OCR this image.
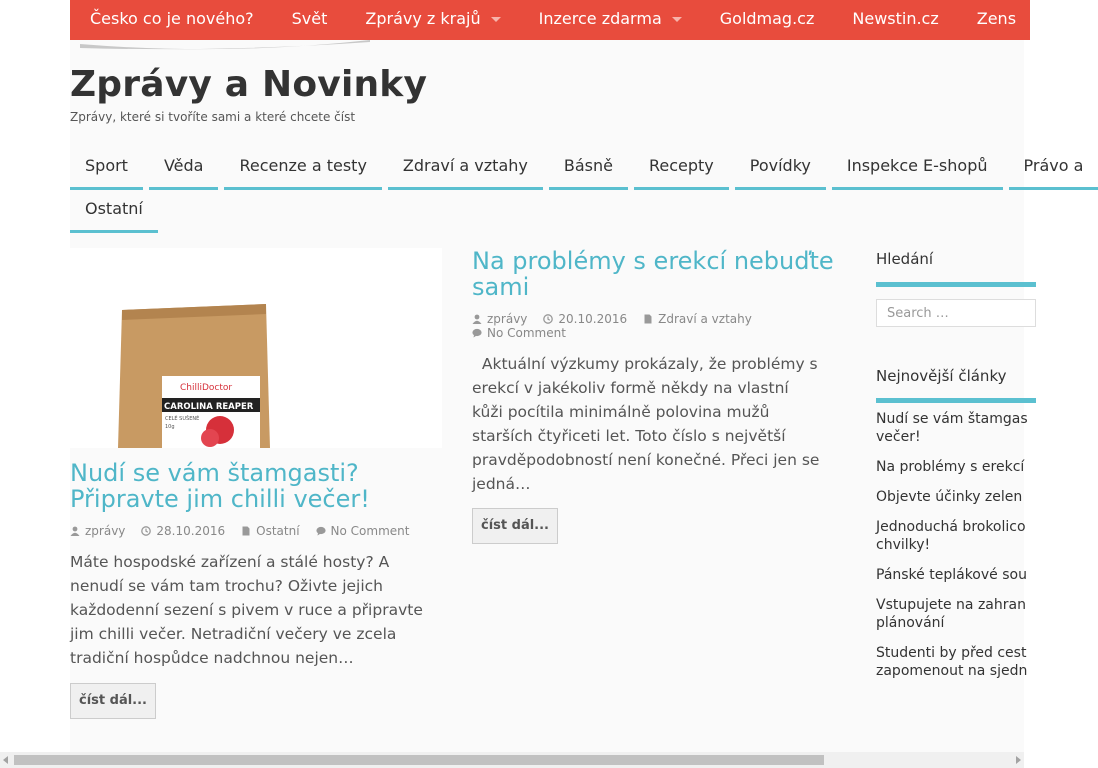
Česko co je nového?	Svět	Zprávy z krajů	Inzerce zdarma	Goldmag.cz	Newstin.cz	Zens
Zprávy a Novinky
Zprávy, které si tvoříte sami a které chcete číst
Sport	Věda	Recenze a testy	Zdraví a vztahy	Básně	Recepty	Povídky	Inspekce E-shopů	Právo a
Ostatní
ChilliDoctor
CAROLINA REAPER
CELÉ SUŠENÉ
10g
Nudí se vám štamgasti? Připravte jim chilli večer!
zprávy	28.10.2016	Ostatní	No Comment
Máte hospodské zařízení a stálé hosty? A nenudí se vám tam trochu? Oživte jejich každodenní sezení s pivem v ruce a připravte jim chilli večer. Netradiční večery ve zcela tradiční hospůdce nadchnou nejen…
číst dál...
Na problémy s erekcí nebuďte sami
zprávy	20.10.2016	Zdraví a vztahy
No Comment
Aktuální výzkumy prokázaly, že problémy s erekcí v jakékoliv formě někdy na vlastní kůži pocítila minimálně polovina mužů starších čtyřiceti let. Toto číslo s největší pravděpodobností není konečné. Přeci jen se jedná…
číst dál...
Hledání
Search …
Nejnovější články
Nudí se vám štamgas
večer!
Na problémy s erekcí
Objevte účinky zelen
Jednoduchá brokolico
chvilky!
Pánské teplákové sou
Vstupujete na zahran
plánování
Studenti by před cest
zapomenout na sjedn
